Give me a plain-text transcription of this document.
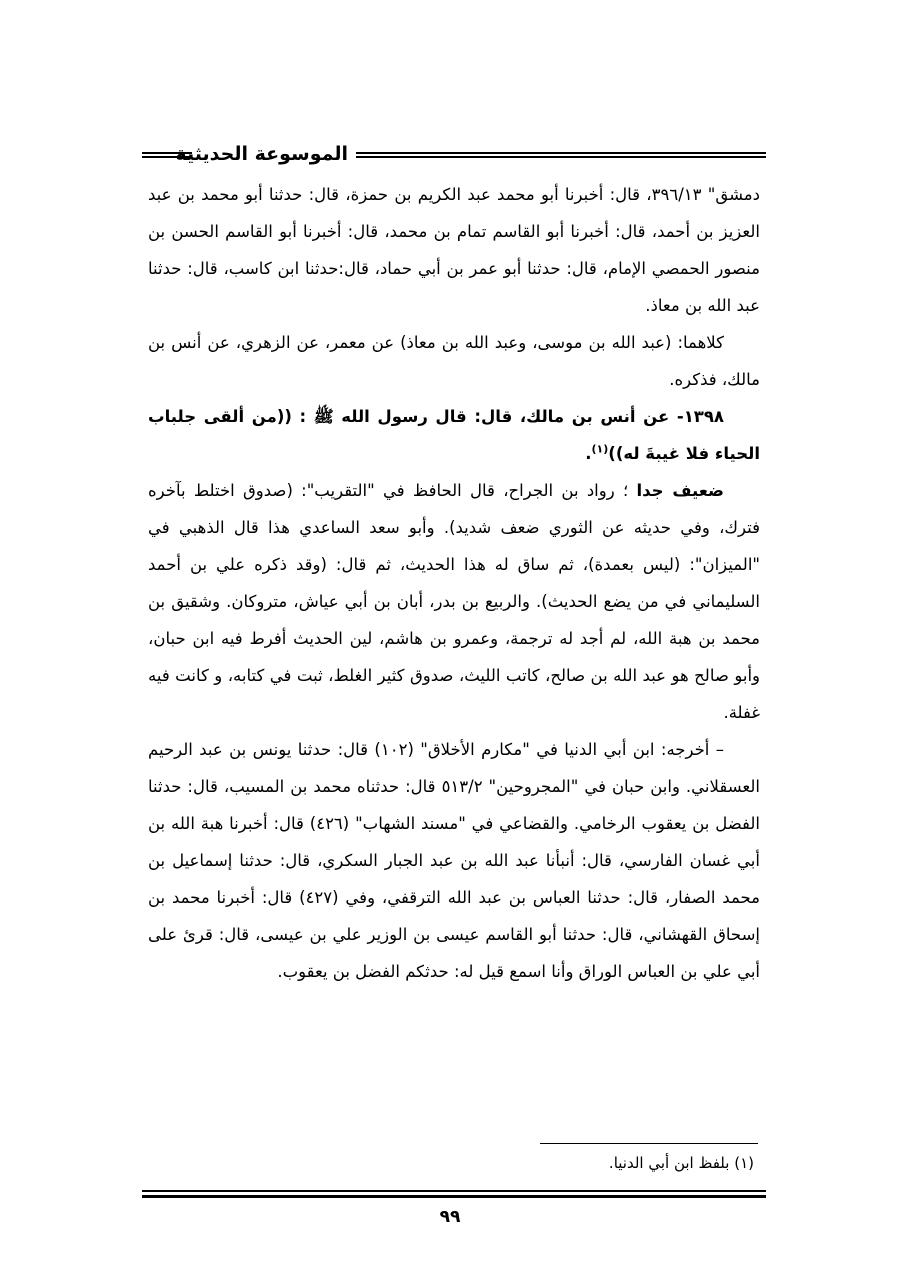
الموسوعة الحديثية

دمشق" ٣٩٦/١٣، قال: أخبرنا أبو محمد عبد الكريم بن حمزة، قال: حدثنا أبو محمد بن عبد العزيز بن أحمد، قال: أخبرنا أبو القاسم تمام بن محمد، قال: أخبرنا أبو القاسم الحسن بن منصور الحمصي الإمام، قال: حدثنا أبو عمر بن أبي حماد، قال:حدثنا ابن كاسب، قال: حدثنا عبد الله بن معاذ.

كلاهما: (عبد الله بن موسى، وعبد الله بن معاذ) عن معمر، عن الزهري، عن أنس بن مالك، فذكره.

١٣٩٨- عن أنس بن مالك، قال: قال رسول الله ﷺ : ((من ألقى جلباب الحياء فلا غيبةَ له))$^{(١)}$.

ضعيف جدا ؛ رواد بن الجراح، قال الحافظ في "التقريب": (صدوق اختلط بآخره فترك، وفي حديثه عن الثوري ضعف شديد). وأبو سعد الساعدي هذا قال الذهبي في "الميزان": (ليس بعمدة)، ثم ساق له هذا الحديث، ثم قال: (وقد ذكره علي بن أحمد السليماني في من يضع الحديث). والربيع بن بدر، أبان بن أبي عياش، متروكان. وشقيق بن محمد بن هبة الله، لم أجد له ترجمة، وعمرو بن هاشم، لين الحديث أفرط فيه ابن حبان، وأبو صالح هو عبد الله بن صالح، كاتب الليث، صدوق كثير الغلط، ثبت في كتابه، و كانت فيه غفلة.

– أخرجه: ابن أبي الدنيا في "مكارم الأخلاق" (١٠٢) قال: حدثنا يونس بن عبد الرحيم العسقلاني. وابن حبان في "المجروحين" ٥١٣/٢ قال: حدثناه محمد بن المسيب، قال: حدثنا الفضل بن يعقوب الرخامي. والقضاعي في "مسند الشهاب" (٤٢٦) قال: أخبرنا هبة الله بن أبي غسان الفارسي، قال: أنبأنا عبد الله بن عبد الجبار السكري، قال: حدثنا إسماعيل بن محمد الصفار، قال: حدثنا العباس بن عبد الله الترقفي، وفي (٤٢٧) قال: أخبرنا محمد بن إسحاق القهشاني، قال: حدثنا أبو القاسم عيسى بن الوزير علي بن عيسى، قال: قرئ على أبي علي بن العباس الوراق وأنا اسمع قيل له: حدثكم الفضل بن يعقوب.

(١) بلفظ ابن أبي الدنيا.
٩٩
